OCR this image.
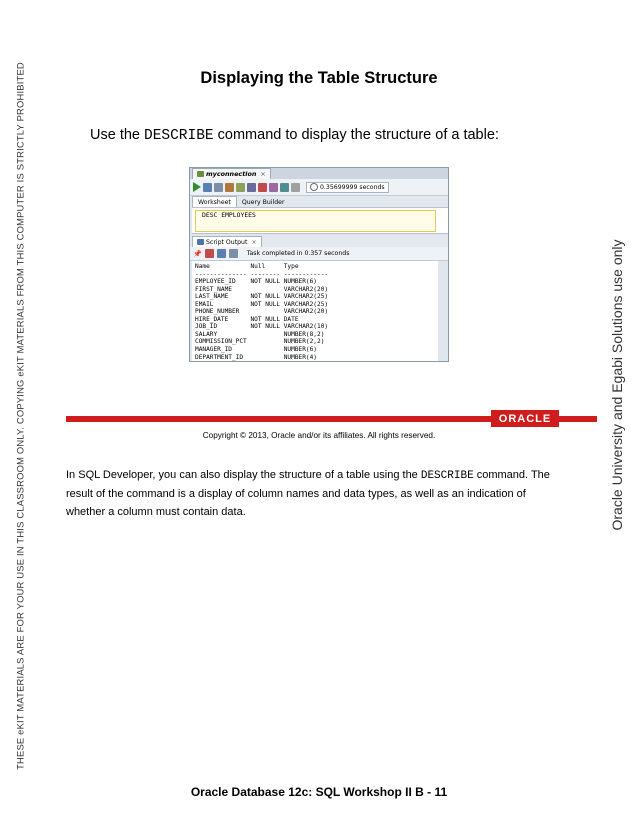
THESE eKIT MATERIALS ARE FOR YOUR USE IN THIS CLASSROOM ONLY. COPYING eKIT MATERIALS FROM THIS COMPUTER IS STRICTLY PROHIBITED	Oracle University and Egabi Solutions use only
Displaying the Table Structure
Use the DESCRIBE command to display the structure of a table:
myconnection ×
0.35699999 seconds
Worksheet	Query Builder
DESC EMPLOYEES
Script Output ×
📌	Task completed in 0.357 seconds
Name           Null     Type
-------------- -------- ------------
EMPLOYEE_ID    NOT NULL NUMBER(6)
FIRST_NAME              VARCHAR2(20)
LAST_NAME      NOT NULL VARCHAR2(25)
EMAIL          NOT NULL VARCHAR2(25)
PHONE_NUMBER            VARCHAR2(20)
HIRE_DATE      NOT NULL DATE
JOB_ID         NOT NULL VARCHAR2(10)
SALARY                  NUMBER(8,2)
COMMISSION_PCT          NUMBER(2,2)
MANAGER_ID              NUMBER(6)
DEPARTMENT_ID           NUMBER(4)
ORACLE
Copyright © 2013, Oracle and/or its affiliates. All rights reserved.
In SQL Developer, you can also display the structure of a table using the DESCRIBE command. The result of the command is a display of column names and data types, as well as an indication of whether a column must contain data.
Oracle Database 12c: SQL Workshop II B - 11
